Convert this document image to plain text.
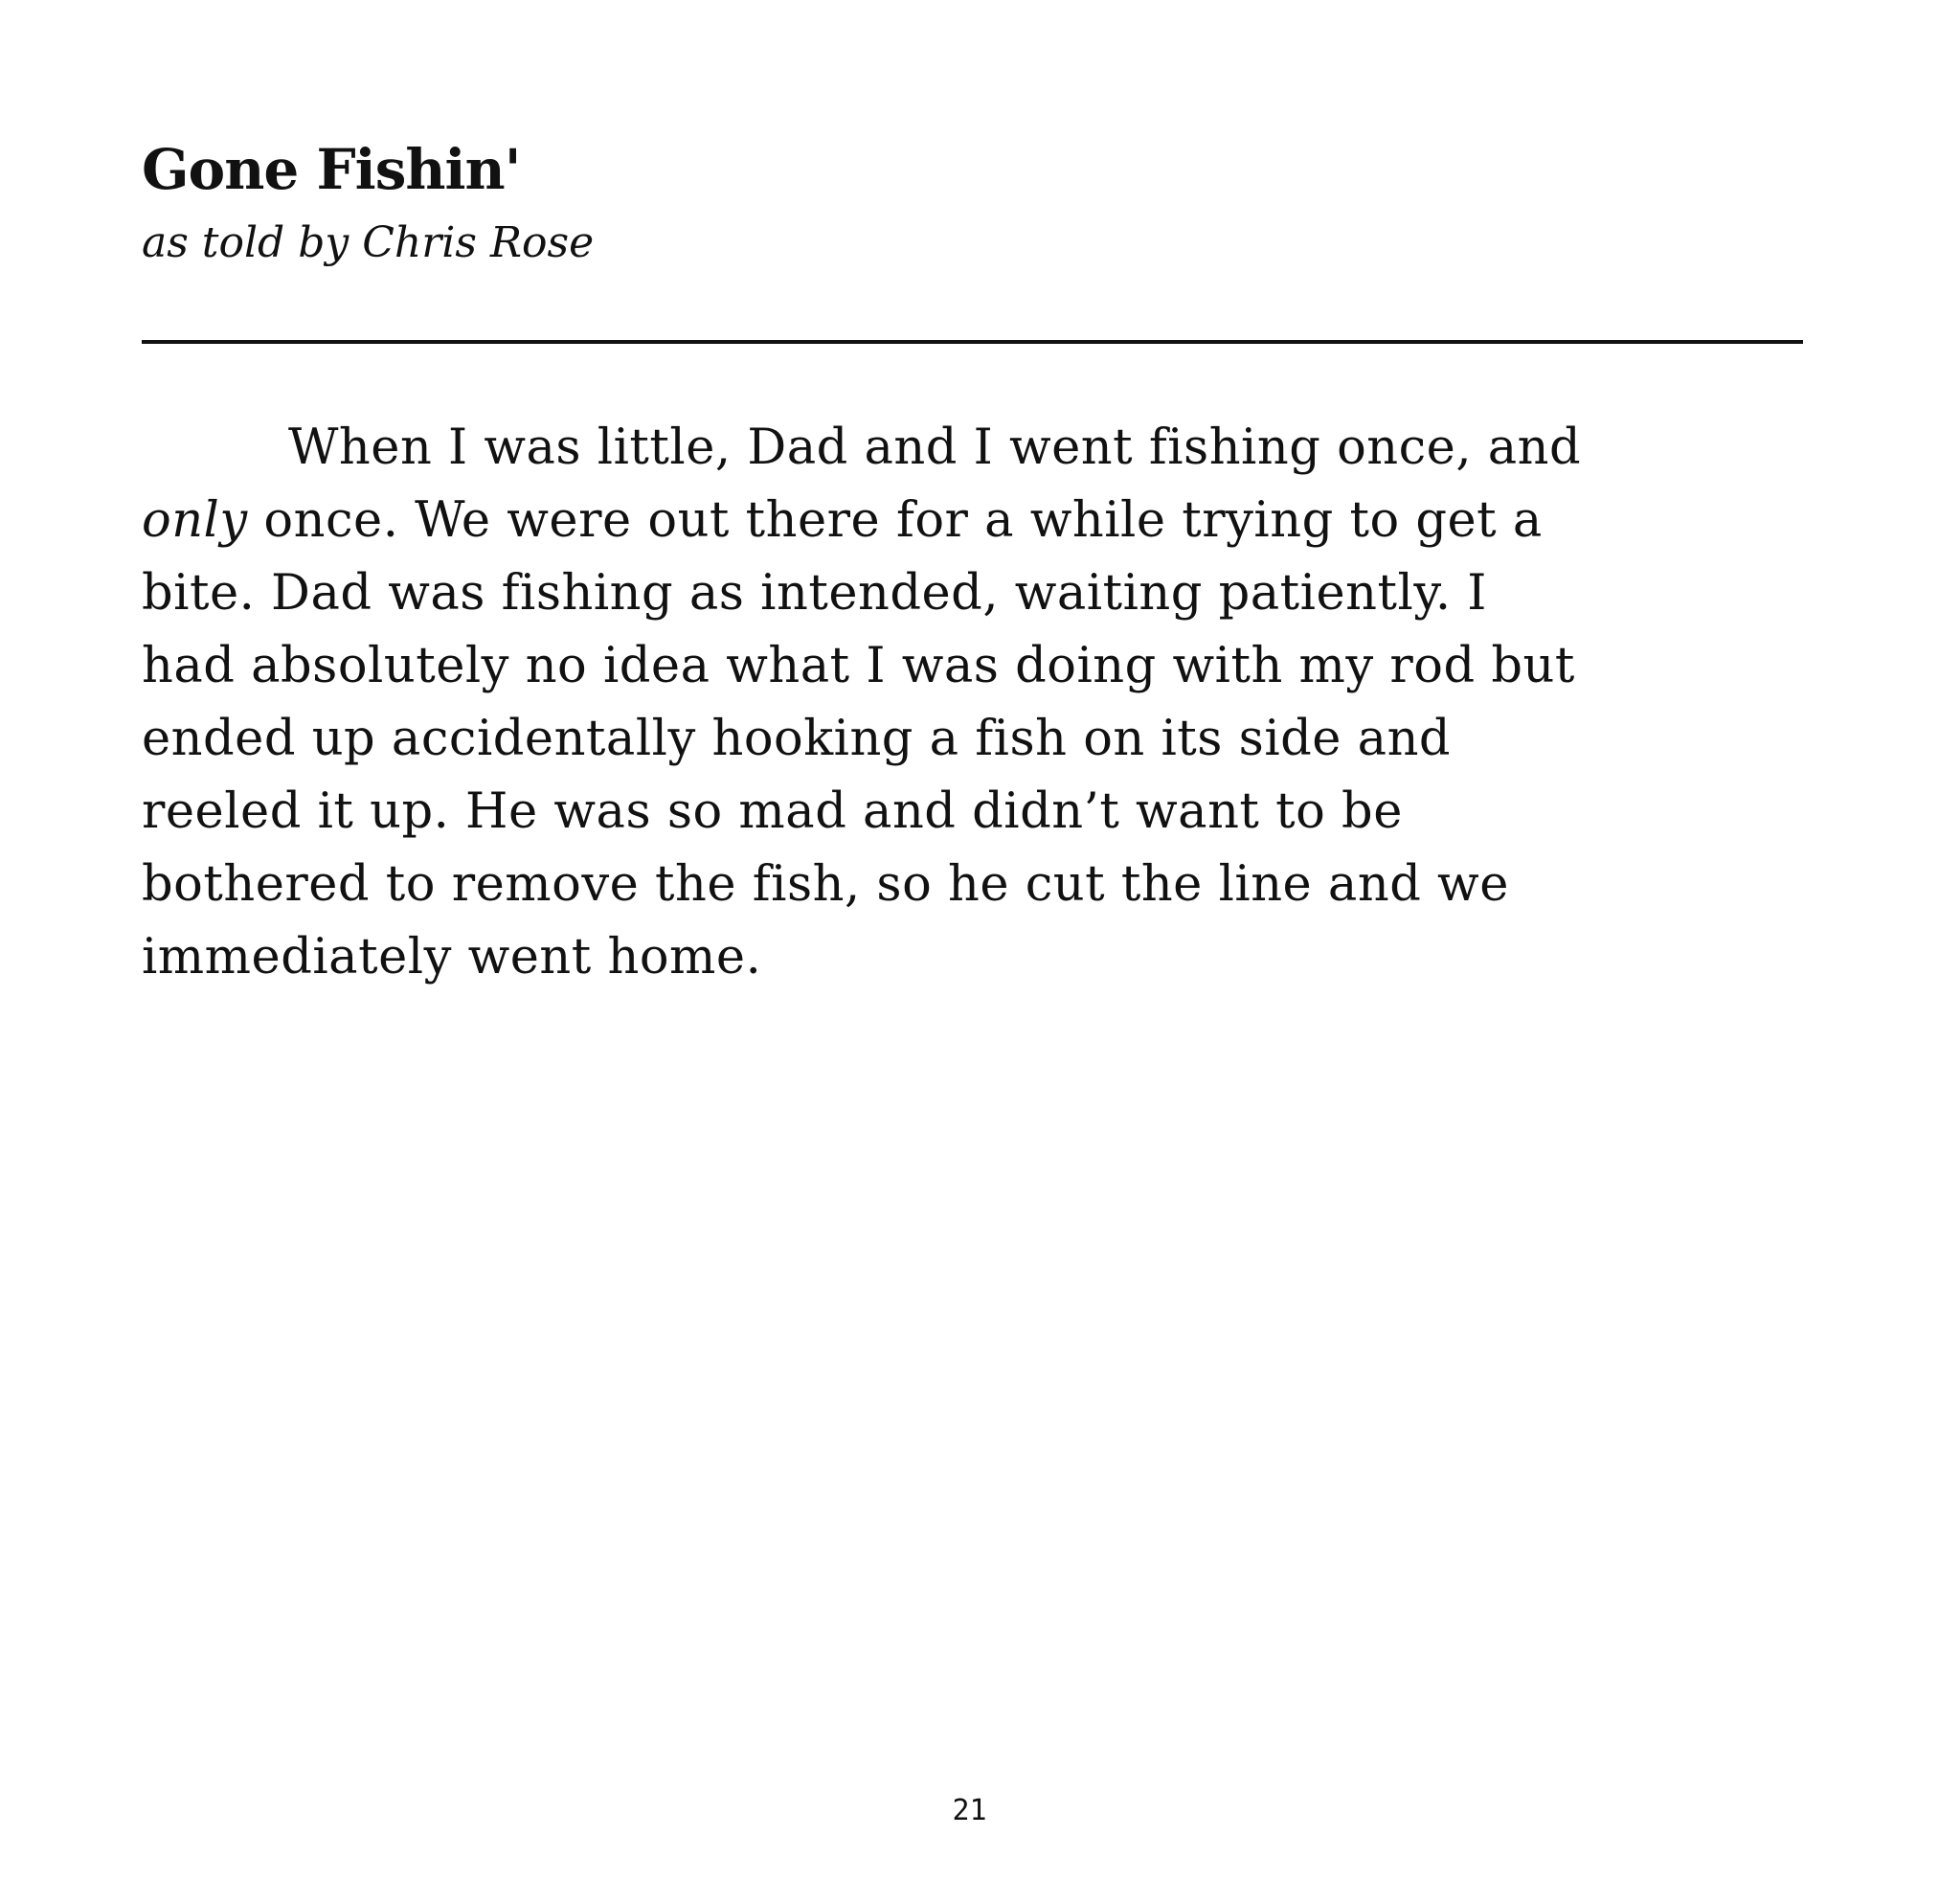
Gone Fishin'

as told by Chris Rose

When I was little, Dad and I went fishing once, and
only once. We were out there for a while trying to get a
bite. Dad was fishing as intended, waiting patiently. I
had absolutely no idea what I was doing with my rod but
ended up accidentally hooking a fish on its side and
reeled it up. He was so mad and didn’t want to be
bothered to remove the fish, so he cut the line and we
immediately went home.

21
